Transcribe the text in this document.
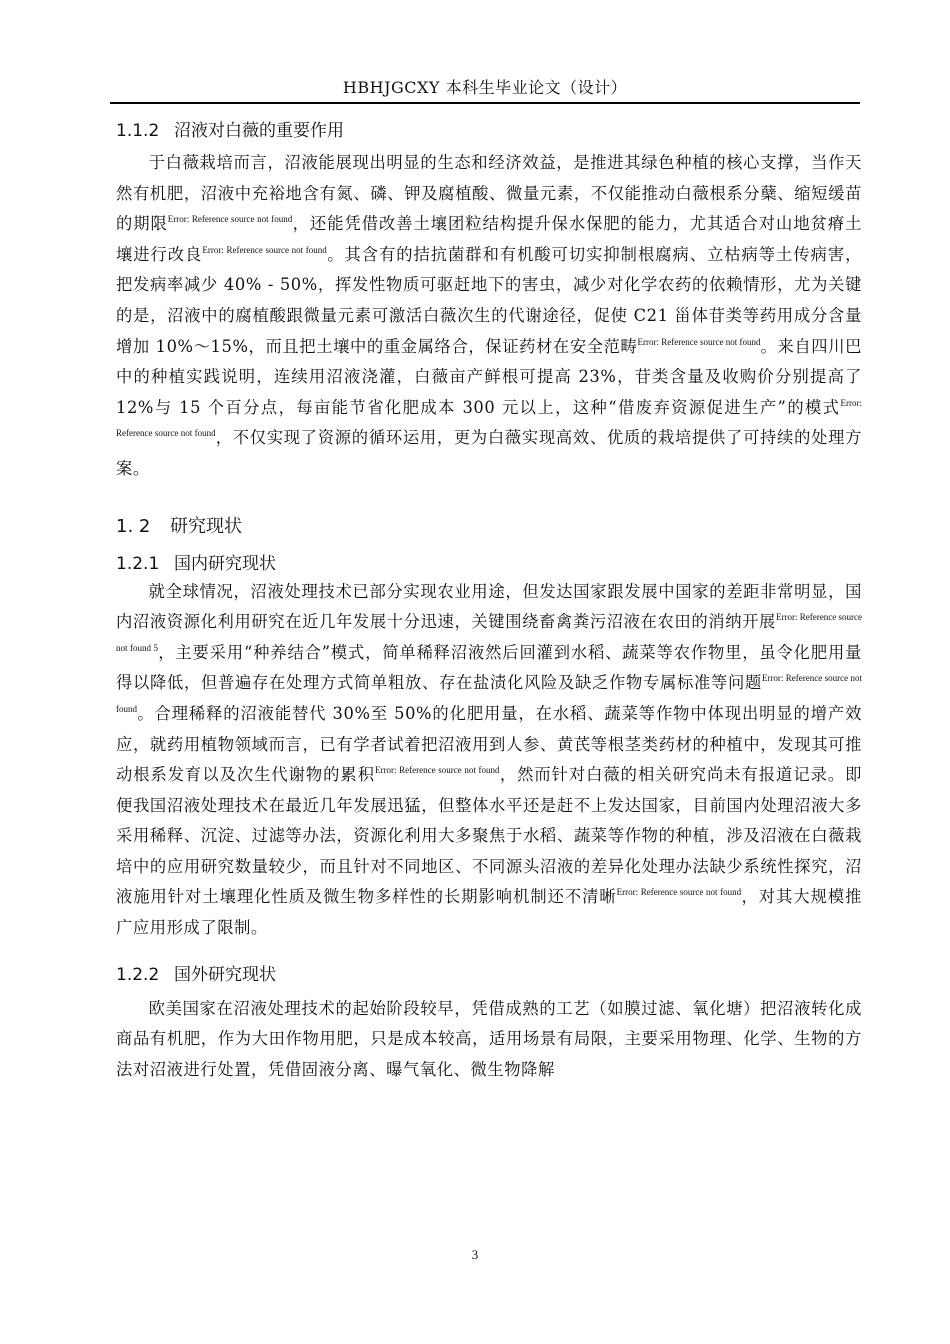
HBHJGCXY 本科生毕业论文（设计）
1.1.2 沼液对白薇的重要作用

于白薇栽培而言，沼液能展现出明显的生态和经济效益，是推进其绿色种植的核心支撑，当作天然有机肥，沼液中充裕地含有氮、磷、钾及腐植酸、微量元素，不仅能推动白薇根系分蘖、缩短缓苗的期限$^{Error: Reference source not found}$，还能凭借改善土壤团粒结构提升保水保肥的能力，尤其适合对山地贫瘠土壤进行改良$^{Error: Reference source not found}$。其含有的拮抗菌群和有机酸可切实抑制根腐病、立枯病等土传病害，把发病率减少 40% - 50%，挥发性物质可驱赶地下的害虫，减少对化学农药的依赖情形，尤为关键的是，沼液中的腐植酸跟微量元素可激活白薇次生的代谢途径，促使 C21 甾体苷类等药用成分含量增加 10%～15%，而且把土壤中的重金属络合，保证药材在安全范畴$^{Error: Reference source not found}$。来自四川巴中的种植实践说明，连续用沼液浇灌，白薇亩产鲜根可提高 23%，苷类含量及收购价分别提高了 12%与 15 个百分点，每亩能节省化肥成本 300 元以上，这种“借废弃资源促进生产”的模式$^{Error: Reference source not found}$，不仅实现了资源的循环运用，更为白薇实现高效、优质的栽培提供了可持续的处理方案。

1. 2 研究现状
1.2.1 国内研究现状

就全球情况，沼液处理技术已部分实现农业用途，但发达国家跟发展中国家的差距非常明显，国内沼液资源化利用研究在近几年发展十分迅速，关键围绕畜禽粪污沼液在农田的消纳开展$^{Error: Reference source not found 5}$，主要采用“种养结合”模式，简单稀释沼液然后回灌到水稻、蔬菜等农作物里，虽令化肥用量得以降低，但普遍存在处理方式简单粗放、存在盐渍化风险及缺乏作物专属标准等问题$^{Error: Reference source not found}$。合理稀释的沼液能替代 30%至 50%的化肥用量，在水稻、蔬菜等作物中体现出明显的增产效应，就药用植物领域而言，已有学者试着把沼液用到人参、黄芪等根茎类药材的种植中，发现其可推动根系发育以及次生代谢物的累积$^{Error: Reference source not found}$，然而针对白薇的相关研究尚未有报道记录。即便我国沼液处理技术在最近几年发展迅猛，但整体水平还是赶不上发达国家，目前国内处理沼液大多采用稀释、沉淀、过滤等办法，资源化利用大多聚焦于水稻、蔬菜等作物的种植，涉及沼液在白薇栽培中的应用研究数量较少，而且针对不同地区、不同源头沼液的差异化处理办法缺少系统性探究，沼液施用针对土壤理化性质及微生物多样性的长期影响机制还不清晰$^{Error: Reference source not found}$，对其大规模推广应用形成了限制。

1.2.2 国外研究现状

欧美国家在沼液处理技术的起始阶段较早，凭借成熟的工艺（如膜过滤、氧化塘）把沼液转化成商品有机肥，作为大田作物用肥，只是成本较高，适用场景有局限，主要采用物理、化学、生物的方法对沼液进行处置，凭借固液分离、曝气氧化、微生物降解

3
